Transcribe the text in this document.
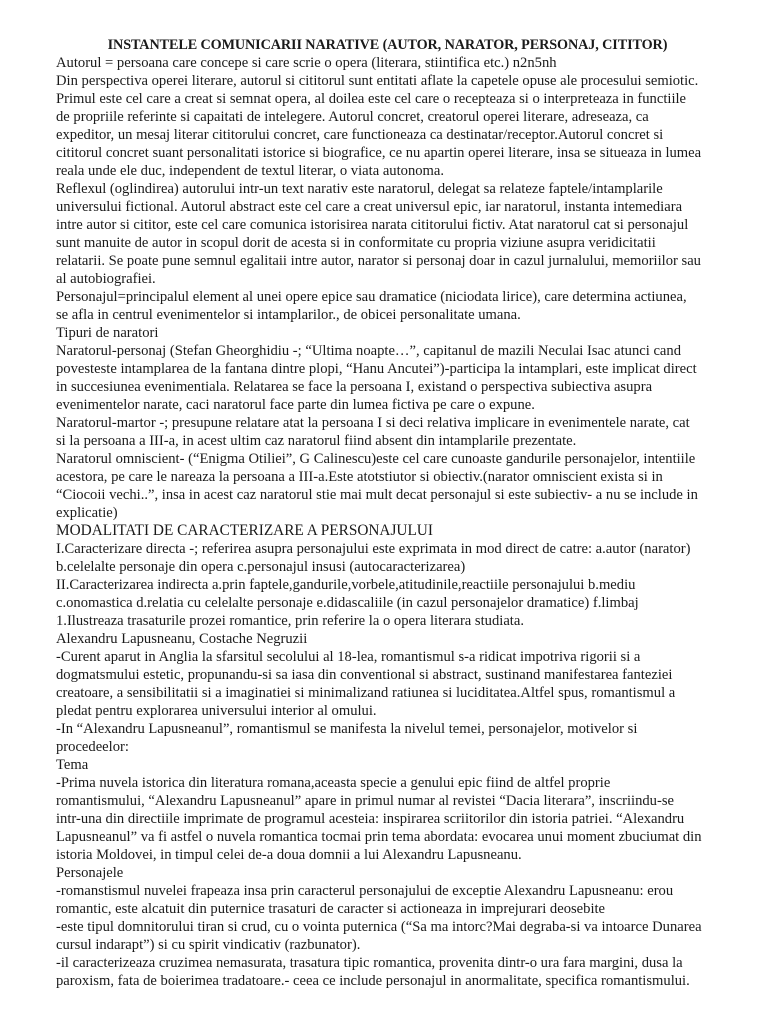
INSTANTELE COMUNICARII NARATIVE (AUTOR, NARATOR, PERSONAJ, CITITOR)

Autorul = persoana care concepe si care scrie o opera (literara, stiintifica etc.) n2n5nh

Din perspectiva operei literare, autorul si cititorul sunt entitati aflate la capetele opuse ale procesului semiotic.

Primul este cel care a creat si semnat opera, al doilea este cel care o recepteaza si o interpreteaza in functiile

de propriile referinte si capaitati de intelegere. Autorul concret, creatorul operei literare, adreseaza, ca

expeditor, un mesaj literar cititorului concret, care functioneaza ca destinatar/receptor.Autorul concret si

cititorul concret suant personalitati istorice si biografice, ce nu apartin operei literare, insa se situeaza in lumea

reala unde ele duc, independent de textul literar, o viata autonoma.

Reflexul (oglindirea) autorului intr-un text narativ este naratorul, delegat sa relateze faptele/intamplarile

universului fictional. Autorul abstract este cel care a creat universul epic, iar naratorul, instanta intemediara

intre autor si cititor, este cel care comunica istorisirea narata cititorului fictiv. Atat naratorul cat si personajul

sunt manuite de autor in scopul dorit de acesta si in conformitate cu propria viziune asupra veridicitatii

relatarii. Se poate pune semnul egalitaii intre autor, narator si personaj doar in cazul jurnalului, memoriilor sau

al autobiografiei.

Personajul=principalul element al unei opere epice sau dramatice (niciodata lirice), care determina actiunea,

se afla in centrul evenimentelor si intamplarilor., de obicei personalitate umana.

Tipuri de naratori

Naratorul-personaj (Stefan Gheorghidiu -; “Ultima noapte…”, capitanul de mazili Neculai Isac atunci cand

povesteste intamplarea de la fantana dintre plopi, “Hanu Ancutei”)-participa la intamplari, este implicat direct

in succesiunea evenimentiala. Relatarea se face la persoana I, existand o perspectiva subiectiva asupra

evenimentelor narate, caci naratorul face parte din lumea fictiva pe care o expune.

Naratorul-martor -; presupune relatare atat la persoana I si deci relativa implicare in evenimentele narate, cat

si la persoana a III-a, in acest ultim caz naratorul fiind absent din intamplarile prezentate.

Naratorul omniscient- (“Enigma Otiliei”, G Calinescu)este cel care cunoaste gandurile personajelor, intentiile

acestora, pe care le nareaza la persoana a III-a.Este atotstiutor si obiectiv.(narator omniscient exista si in

“Ciocoii vechi..”, insa in acest caz naratorul stie mai mult decat personajul si este subiectiv- a nu se include in

explicatie)

MODALITATI DE CARACTERIZARE A PERSONAJULUI

I.Caracterizare directa -; referirea asupra personajului este exprimata in mod direct de catre: a.autor (narator)

b.celelalte personaje din opera c.personajul insusi (autocaracterizarea)

II.Caracterizarea indirecta a.prin faptele,gandurile,vorbele,atitudinile,reactiile personajului b.mediu

c.onomastica d.relatia cu celelalte personaje e.didascaliile (in cazul personajelor dramatice) f.limbaj

1.Ilustreaza trasaturile prozei romantice, prin referire la o opera literara studiata.

Alexandru Lapusneanu, Costache Negruzii

-Curent aparut in Anglia la sfarsitul secolului al 18-lea, romantismul s-a ridicat impotriva rigorii si a

dogmatsmului estetic, propunandu-si sa iasa din conventional si abstract, sustinand manifestarea fanteziei

creatoare, a sensibilitatii si a imaginatiei si minimalizand ratiunea si luciditatea.Altfel spus, romantismul a

pledat pentru explorarea universului interior al omului.

-In “Alexandru Lapusneanul”, romantismul se manifesta la nivelul temei, personajelor, motivelor si

procedeelor:

Tema

-Prima nuvela istorica din literatura romana,aceasta specie a genului epic fiind de altfel proprie

romantismului, “Alexandru Lapusneanul” apare in primul numar al revistei “Dacia literara”, inscriindu-se

intr-una din directiile imprimate de programul acesteia: inspirarea scriitorilor din istoria patriei. “Alexandru

Lapusneanul” va fi astfel o nuvela romantica tocmai prin tema abordata: evocarea unui moment zbuciumat din

istoria Moldovei, in timpul celei de-a doua domnii a lui Alexandru Lapusneanu.

Personajele

-romanstismul nuvelei frapeaza insa prin caracterul personajului de exceptie Alexandru Lapusneanu: erou

romantic, este alcatuit din puternice trasaturi de caracter si actioneaza in imprejurari deosebite

-este tipul domnitorului tiran si crud, cu o vointa puternica (“Sa ma intorc?Mai degraba-si va intoarce Dunarea

cursul indarapt”) si cu spirit vindicativ (razbunator).

-il caracterizeaza cruzimea nemasurata, trasatura tipic romantica, provenita dintr-o ura fara margini, dusa la

paroxism, fata de boierimea tradatoare.- ceea ce include personajul in anormalitate, specifica romantismului.
